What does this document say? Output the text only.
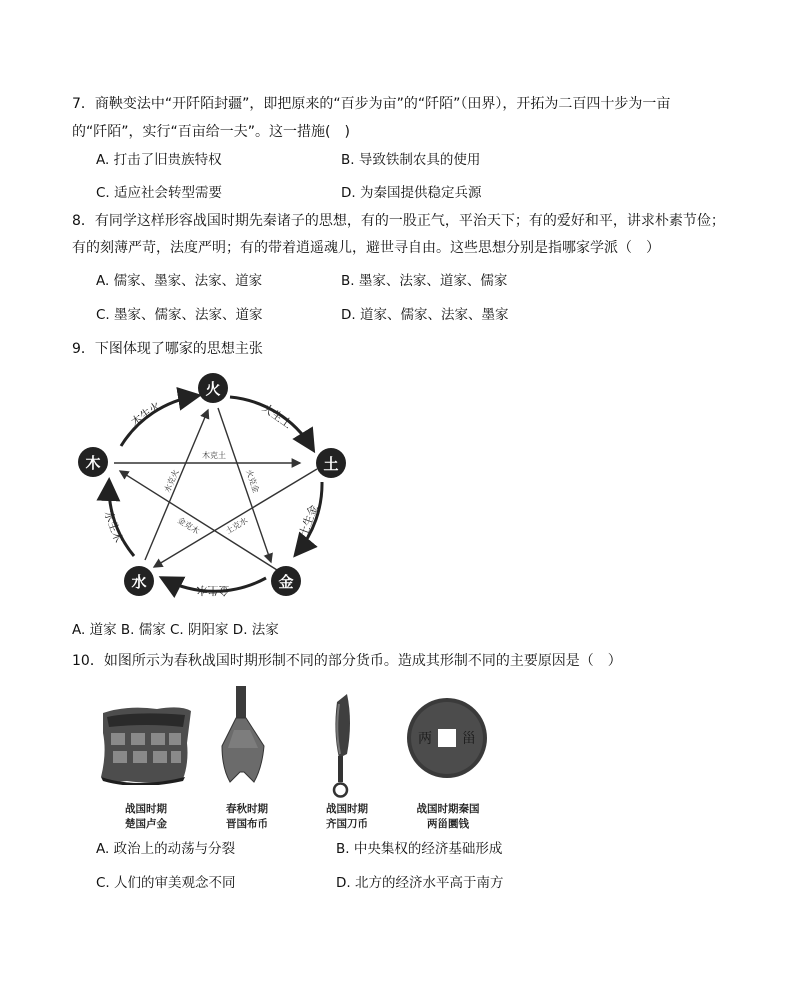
7．商鞅变法中“开阡陌封疆”，即把原来的“百步为亩”的“阡陌”（田界），开拓为二百四十步为一亩
的“阡陌”，实行“百亩给一夫”。这一措施(　)
A. 打击了旧贵族特权	B. 导致铁制农具的使用
C. 适应社会转型需要	D. 为秦国提供稳定兵源
8．有同学这样形容战国时期先秦诸子的思想，有的一股正气，平治天下；有的爱好和平，讲求朴素节俭；
有的刻薄严苛，法度严明；有的带着逍遥魂儿，避世寻自由。这些思想分别是指哪家学派（　）
A. 儒家、墨家、法家、道家	B. 墨家、法家、道家、儒家
C. 墨家、儒家、法家、道家	D. 道家、儒家、法家、墨家
9．下图体现了哪家的思想主张
火
土
金
水
木
火生土
土生金
金生水
水生木
木生火
木克土
火克金
水克火
金克木	土克水
A. 道家 B. 儒家 C. 阴阳家 D. 法家
10．如图所示为春秋战国时期形制不同的部分货币。造成其形制不同的主要原因是（　）
两 甾
战国时期
楚国卢金
春秋时期
晋国布币
战国时期
齐国刀币
战国时期秦国
两甾圜钱
A. 政治上的动荡与分裂	B. 中央集权的经济基础形成
C. 人们的审美观念不同	D. 北方的经济水平高于南方
